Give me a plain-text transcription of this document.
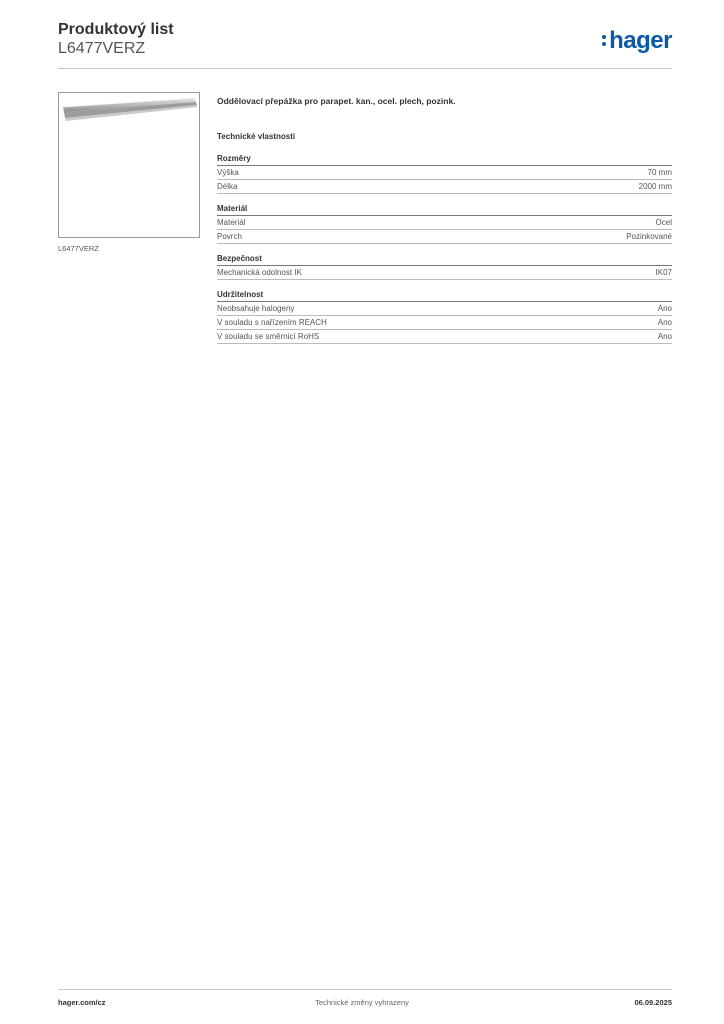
Produktový list
L6477VERZ	hager
L6477VERZ
Oddělovací přepážka pro parapet. kan., ocel. plech, pozink.
Technické vlastnosti
Rozměry
Výška	70 mm
Délka	2000 mm
Materiál
Materiál	Ocel
Povrch	Pozinkované
Bezpečnost
Mechanická odolnost IK	IK07
Udržitelnost
Neobsahuje halogeny	Ano
V souladu s nařízením REACH	Ano
V souladu se směrnicí RoHS	Ano
hager.com/cz	Technické změny vyhrazeny	06.09.2025
